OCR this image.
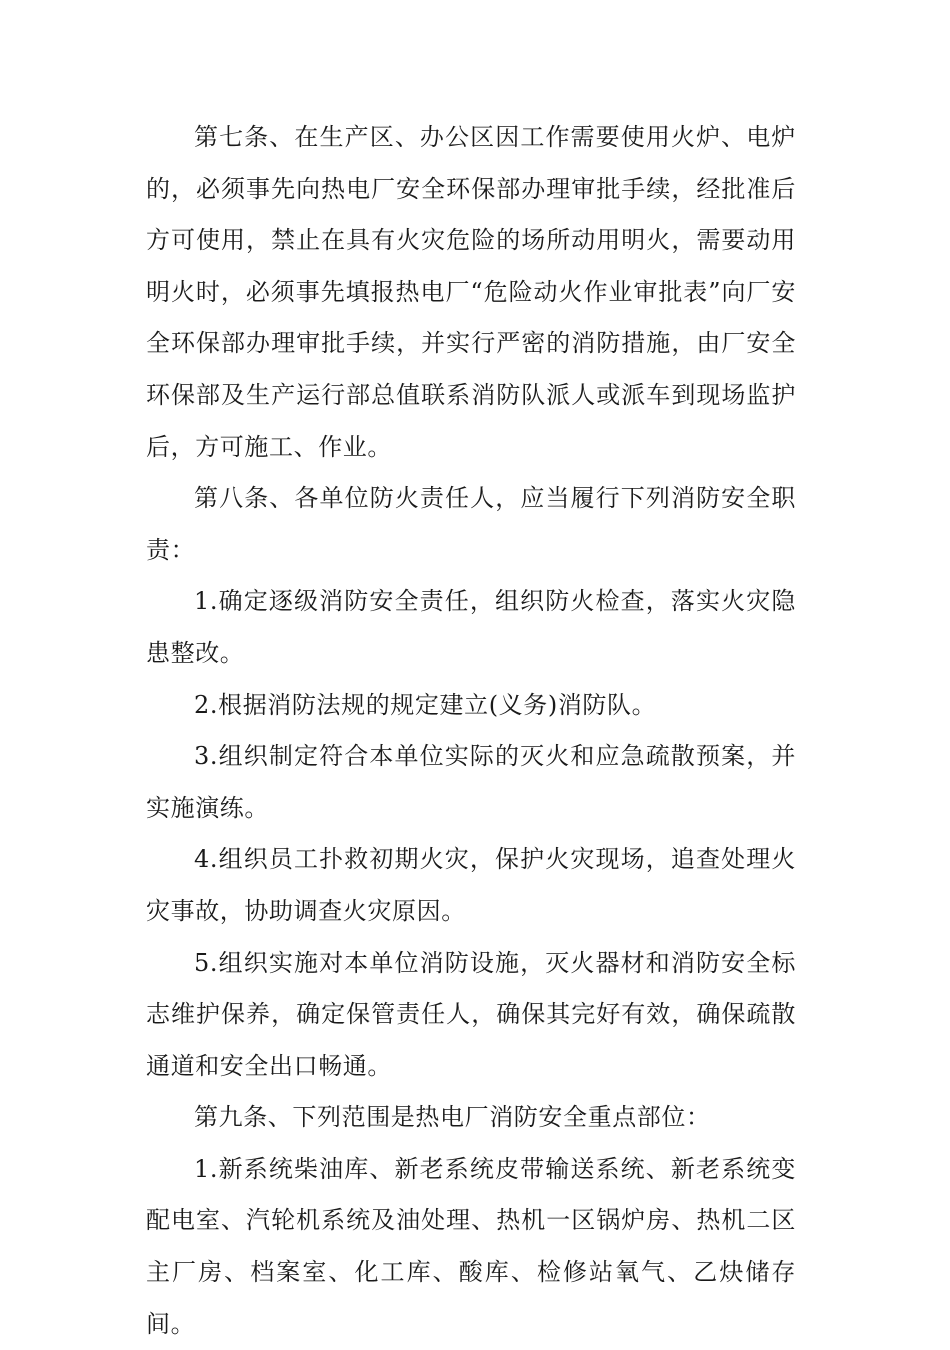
第七条、在生产区、办公区因工作需要使用火炉、电炉的，必须事先向热电厂安全环保部办理审批手续，经批准后方可使用，禁止在具有火灾危险的场所动用明火，需要动用明火时，必须事先填报热电厂“危险动火作业审批表”向厂安全环保部办理审批手续，并实行严密的消防措施，由厂安全环保部及生产运行部总值联系消防队派人或派车到现场监护后，方可施工、作业。

第八条、各单位防火责任人，应当履行下列消防安全职责：

1.确定逐级消防安全责任，组织防火检查，落实火灾隐患整改。

2.根据消防法规的规定建立(义务)消防队。

3.组织制定符合本单位实际的灭火和应急疏散预案，并实施演练。

4.组织员工扑救初期火灾，保护火灾现场，追查处理火灾事故，协助调查火灾原因。

5.组织实施对本单位消防设施，灭火器材和消防安全标志维护保养，确定保管责任人，确保其完好有效，确保疏散通道和安全出口畅通。

第九条、下列范围是热电厂消防安全重点部位：

1.新系统柴油库、新老系统皮带输送系统、新老系统变配电室、汽轮机系统及油处理、热机一区锅炉房、热机二区主厂房、档案室、化工库、酸库、检修站氧气、乙炔储存间。
